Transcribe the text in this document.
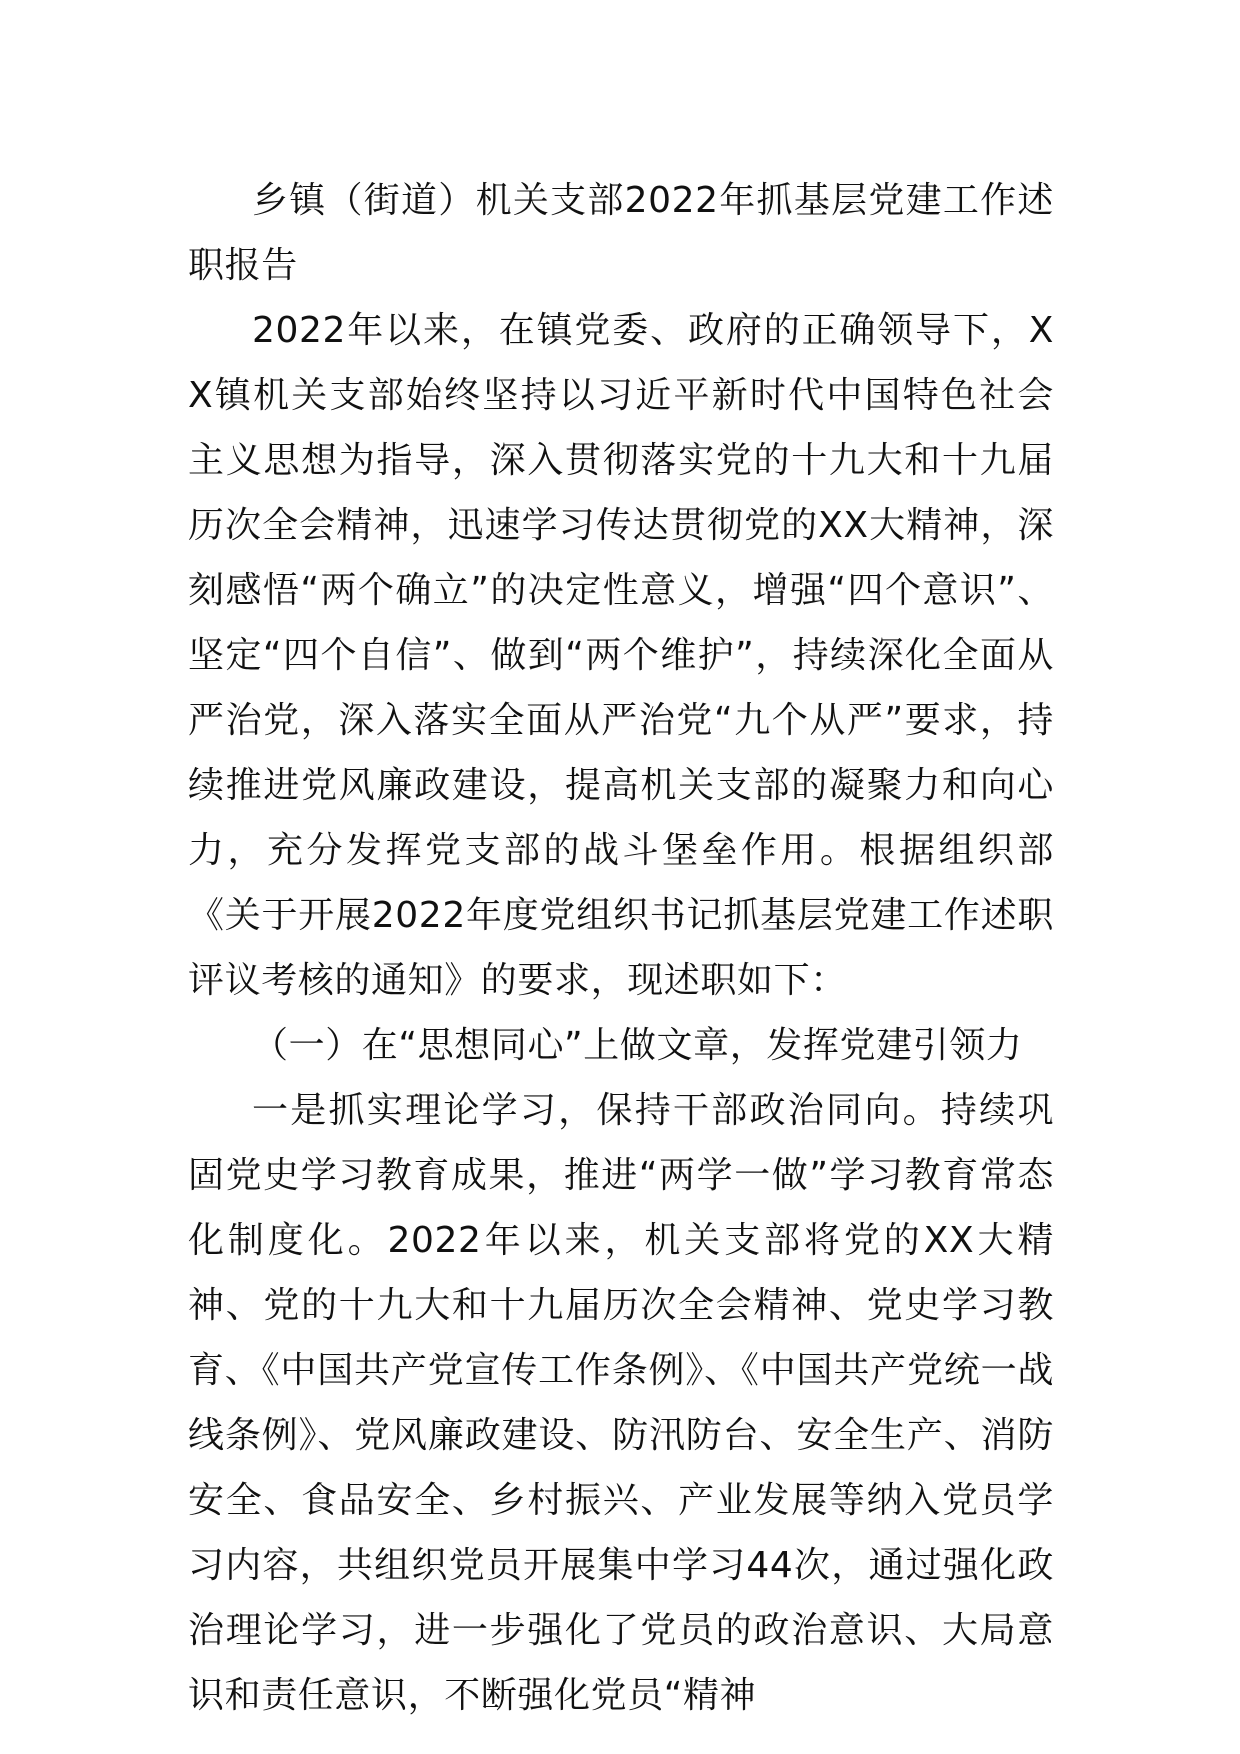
乡镇（街道）机关支部2022年抓基层党建工作述职报告

2022年以来，在镇党委、政府的正确领导下，XX镇机关支部始终坚持以习近平新时代中国特色社会主义思想为指导，深入贯彻落实党的十九大和十九届历次全会精神，迅速学习传达贯彻党的XX大精神，深刻感悟“两个确立”的决定性意义，增强“四个意识”、坚定“四个自信”、做到“两个维护”，持续深化全面从严治党，深入落实全面从严治党“九个从严”要求，持续推进党风廉政建设，提高机关支部的凝聚力和向心力，充分发挥党支部的战斗堡垒作用。根据组织部《关于开展2022年度党组织书记抓基层党建工作述职评议考核的通知》的要求，现述职如下：

（一）在“思想同心”上做文章，发挥党建引领力

一是抓实理论学习，保持干部政治同向。持续巩固党史学习教育成果，推进“两学一做”学习教育常态化制度化。2022年以来，机关支部将党的XX大精神、党的十九大和十九届历次全会精神、党史学习教育、《中国共产党宣传工作条例》、《中国共产党统一战线条例》、党风廉政建设、防汛防台、安全生产、消防安全、食品安全、乡村振兴、产业发展等纳入党员学习内容，共组织党员开展集中学习44次，通过强化政治理论学习，进一步强化了党员的政治意识、大局意识和责任意识，不断强化党员“精神
